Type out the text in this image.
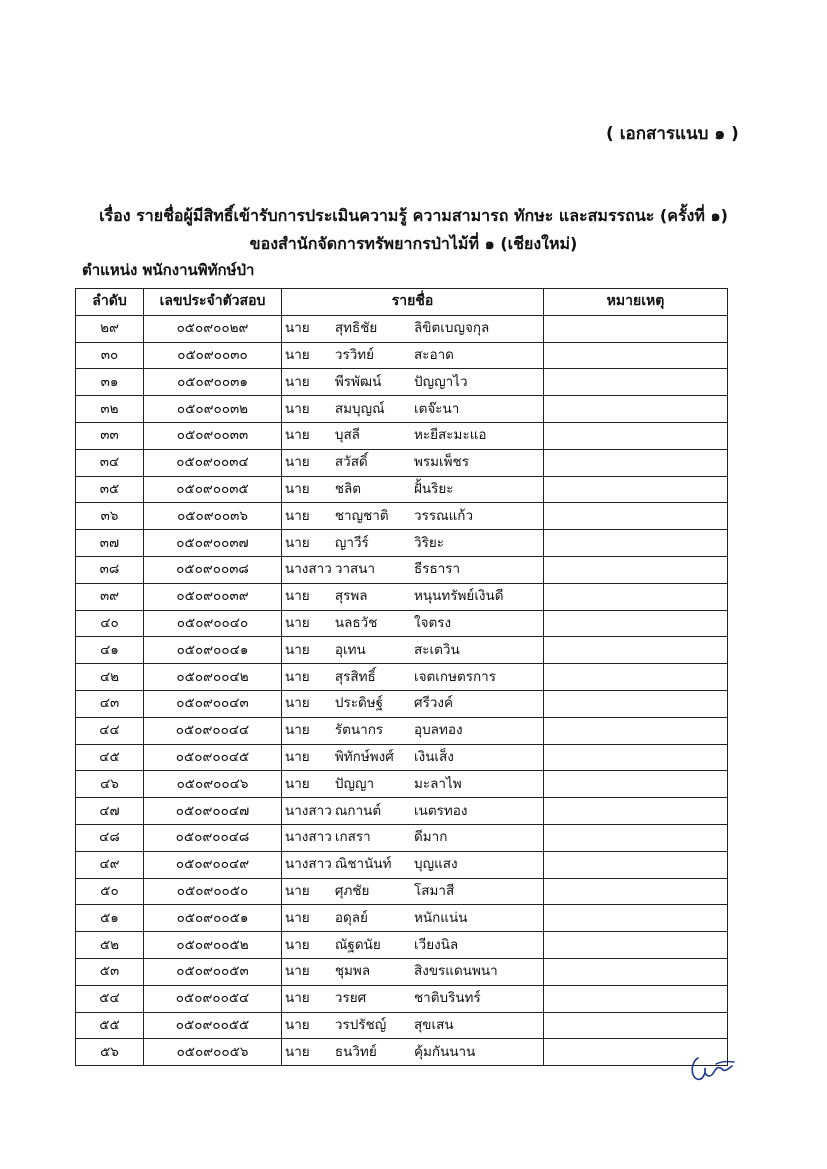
( เอกสารแนบ ๑ )
เรื่อง รายชื่อผู้มีสิทธิ์เข้ารับการประเมินความรู้ ความสามารถ ทักษะ และสมรรถนะ (ครั้งที่ ๑)
ของสำนักจัดการทรัพยากรป่าไม้ที่ ๑ (เชียงใหม่)
ตำแหน่ง พนักงานพิทักษ์ป่า
ลำดับ	เลขประจำตัวสอบ	รายชื่อ	หมายเหตุ
๒๙	๐๕๐๙๐๐๒๙	นาย สุทธิชัย ลิขิตเบญจกุล	

๓๐	๐๕๐๙๐๐๓๐	นาย วรวิทย์ สะอาด	

๓๑	๐๕๐๙๐๐๓๑	นาย พีรพัฒน์ ปัญญาไว	

๓๒	๐๕๐๙๐๐๓๒	นาย สมบุญณ์ เตจ๊ะนา	

๓๓	๐๕๐๙๐๐๓๓	นาย บุสลี หะยีสะมะแอ	

๓๔	๐๕๐๙๐๐๓๔	นาย สวัสดิ์ พรมเพ็ชร	

๓๕	๐๕๐๙๐๐๓๕	นาย ชลิต ฝั้นริยะ	

๓๖	๐๕๐๙๐๐๓๖	นาย ชาญชาติ วรรณแก้ว	

๓๗	๐๕๐๙๐๐๓๗	นาย ญาวีร์ วิริยะ	

๓๘	๐๕๐๙๐๐๓๘	นางสาว วาสนา ธีรธารา	

๓๙	๐๕๐๙๐๐๓๙	นาย สุรพล หนุนทรัพย์เงินดี	

๔๐	๐๕๐๙๐๐๔๐	นาย นลธวัช ใจตรง	

๔๑	๐๕๐๙๐๐๔๑	นาย อุเทน สะเตวิน	

๔๒	๐๕๐๙๐๐๔๒	นาย สุรสิทธิ์ เจตเกษตรการ	

๔๓	๐๕๐๙๐๐๔๓	นาย ประดิษฐ์ ศรีวงค์	

๔๔	๐๕๐๙๐๐๔๔	นาย รัตนากร อุบลทอง	

๔๕	๐๕๐๙๐๐๔๕	นาย พิทักษ์พงศ์ เงินเส็ง	

๔๖	๐๕๐๙๐๐๔๖	นาย ปัญญา มะลาไพ	

๔๗	๐๕๐๙๐๐๔๗	นางสาว ณกานต์ เนตรทอง	

๔๘	๐๕๐๙๐๐๔๘	นางสาว เกสรา ดีมาก	

๔๙	๐๕๐๙๐๐๔๙	นางสาว ณิชานันท์ บุญแสง	

๕๐	๐๕๐๙๐๐๕๐	นาย ศุภชัย โสมาสี	

๕๑	๐๕๐๙๐๐๕๑	นาย อดุลย์ หนักแน่น	

๕๒	๐๕๐๙๐๐๕๒	นาย ณัฐดนัย เวียงนิล	

๕๓	๐๕๐๙๐๐๕๓	นาย ชุมพล สิงขรแดนพนา	

๕๔	๐๕๐๙๐๐๕๔	นาย วรยศ ชาติบรินทร์	

๕๕	๐๕๐๙๐๐๕๕	นาย วรปรัชญ์ สุขเสน	

๕๖	๐๕๐๙๐๐๕๖	นาย ธนวิทย์ คุ้มกันนาน	
